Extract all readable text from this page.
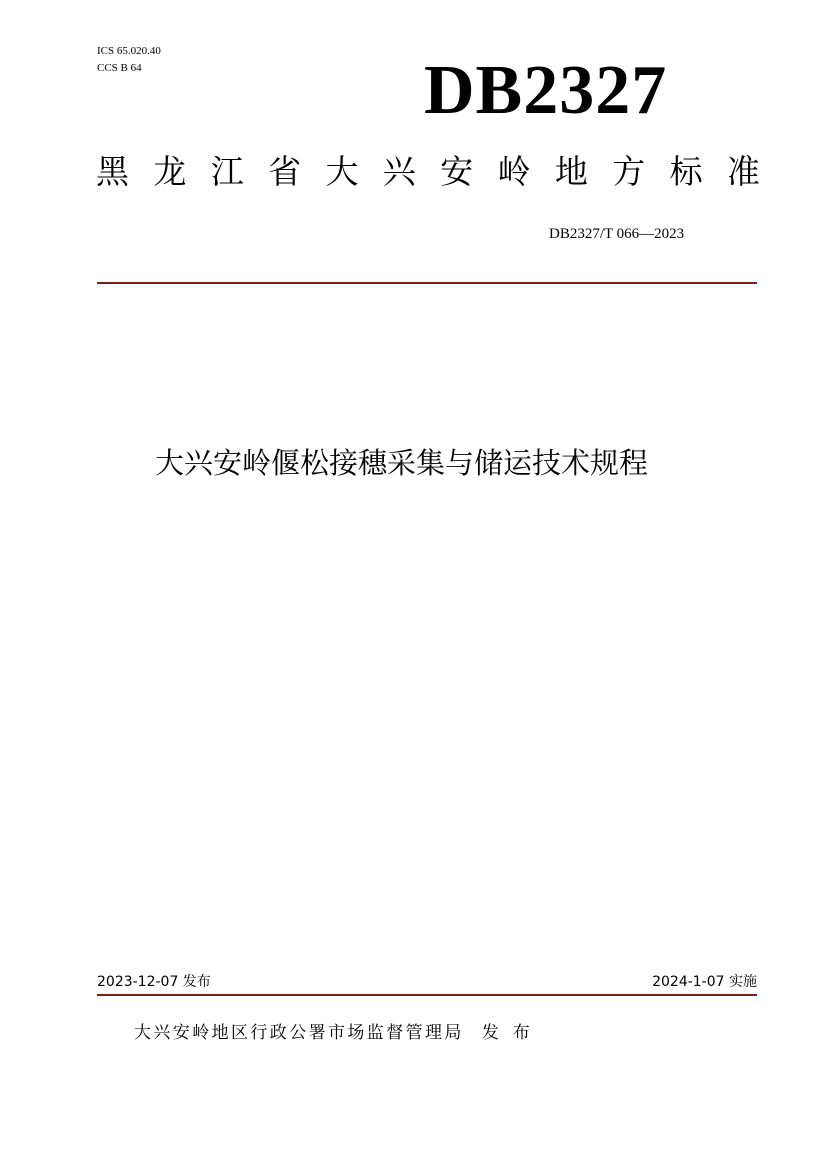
ICS 65.020.40
CCS B 64	DB2327
黑 龙 江 省 大 兴 安 岭 地 方 标 准
DB2327/T 066—2023
大兴安岭偃松接穗采集与储运技术规程
2023-12-07 发布	2024-1-07 实施
大兴安岭地区行政公署市场监督管理局 发布
